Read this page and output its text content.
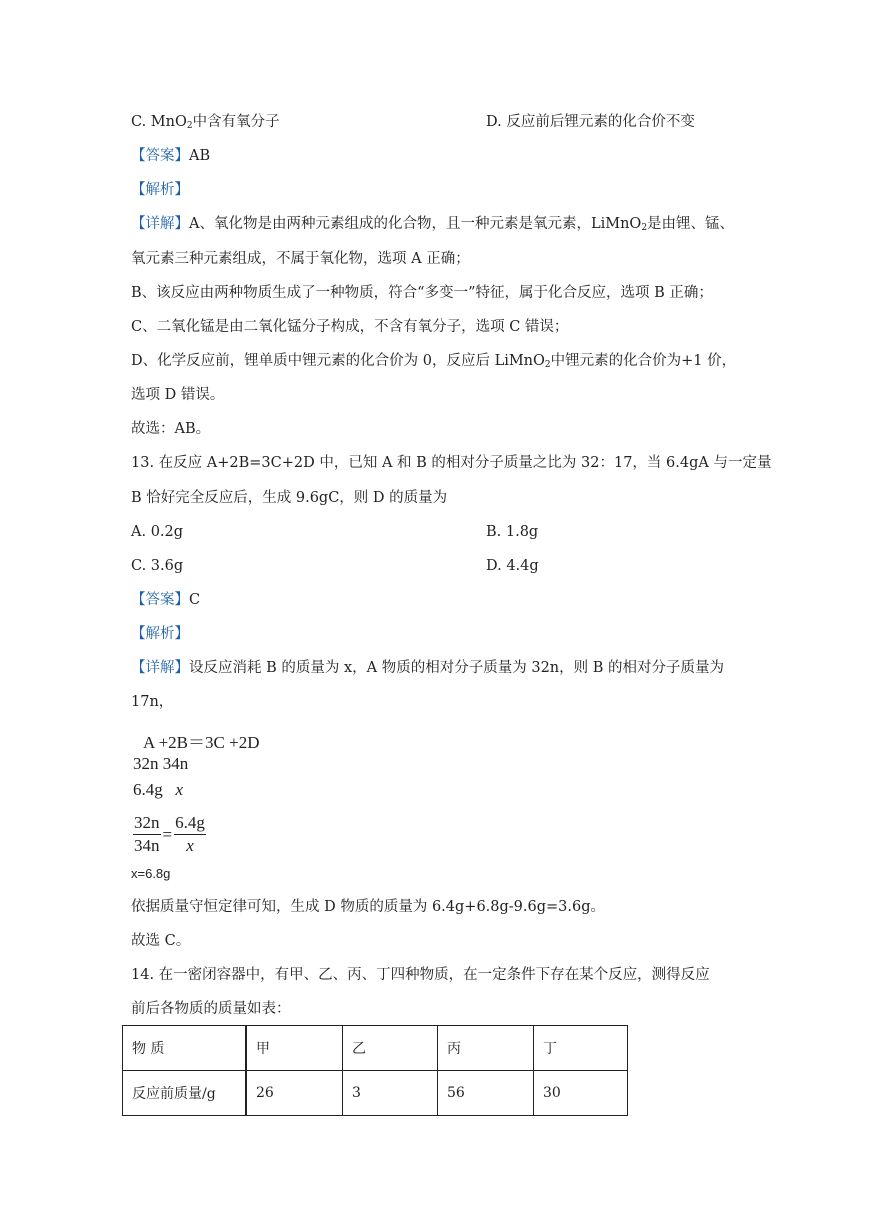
C. MnO$_2$中含有氧分子	D. 反应前后锂元素的化合价不变
【答案】AB
【解析】
【详解】A、氧化物是由两种元素组成的化合物，且一种元素是氧元素，LiMnO$_2$是由锂、锰、
氧元素三种元素组成，不属于氧化物，选项 A 正确；
B、该反应由两种物质生成了一种物质，符合“多变一”特征，属于化合反应，选项 B 正确；
C、二氧化锰是由二氧化锰分子构成，不含有氧分子，选项 C 错误；
D、化学反应前，锂单质中锂元素的化合价为 0，反应后 LiMnO$_2$中锂元素的化合价为+1 价，
选项 D 错误。
故选：AB。
13. 在反应 A+2B=3C+2D 中，已知 A 和 B 的相对分子质量之比为 32：17，当 6.4gA 与一定量
B 恰好完全反应后，生成 9.6gC，则 D 的质量为
A. 0.2g	B. 1.8g
C. 3.6g	D. 4.4g
【答案】C
【解析】
【详解】设反应消耗 B 的质量为 x，A 物质的相对分子质量为 32n，则 B 的相对分子质量为
17n，
A +2B＝3C +2D
32n 34n
6.4g x
$\frac{32n}{34n} = \frac{6.4g}{x}$
x=6.8g
依据质量守恒定律可知，生成 D 物质的质量为 6.4g+6.8g-9.6g=3.6g。
故选 C。
14. 在一密闭容器中，有甲、乙、丙、丁四种物质，在一定条件下存在某个反应，测得反应
前后各物质的质量如表：
物 质	甲	乙	丙	丁
反应前质量/g	26	3	56	30
